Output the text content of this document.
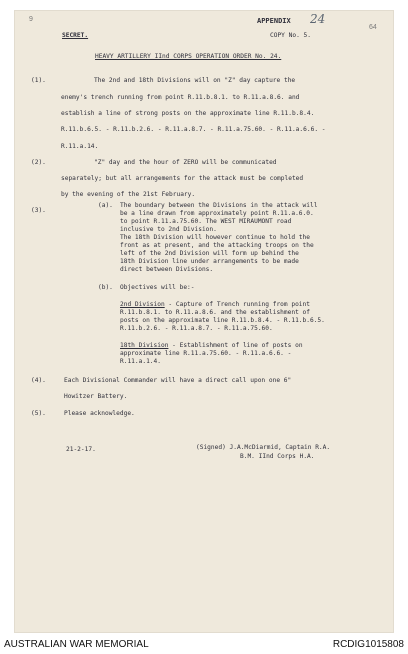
9
64
APPENDIX 24
SECRET.	COPY No. 5.
HEAVY ARTILLERY IInd CORPS OPERATION ORDER No. 24.
(1).	The 2nd and 18th Divisions will on "Z" day capture the
enemy's trench running from point R.11.b.8.1. to R.11.a.8.6. and
establish a line of strong posts on the approximate line R.11.b.8.4.
R.11.b.6.5. - R.11.b.2.6. - R.11.a.8.7. - R.11.a.75.60. - R.11.a.6.6. -
R.11.a.14.
(2).	"Z" day and the hour of ZERO will be communicated
separately; but all arrangements for the attack must be completed
by the evening of the 21st February.
(3).
(a). The boundary between the Divisions in the attack will
be a line drawn from approximately point R.11.a.6.0.
to point R.11.a.75.60. The WEST MIRAUMONT road
inclusive to 2nd Division.
The 18th Division will however continue to hold the
front as at present, and the attacking troops on the
left of the 2nd Division will form up behind the
18th Division line under arrangements to be made
direct between Divisions.
(b). Objectives will be:-
2nd Division - Capture of Trench running from point
R.11.b.8.1. to R.11.a.8.6. and the establishment of
posts on the approximate line R.11.b.8.4. - R.11.b.6.5.
R.11.b.2.6. - R.11.a.8.7. - R.11.a.75.60.
18th Division - Establishment of line of posts on
approximate line R.11.a.75.60. - R.11.a.6.6. -
R.11.a.1.4.
(4).	Each Divisional Commander will have a direct call upon one 6"
Howitzer Battery.
(5).	Please acknowledge.
21-2-17.	(Signed) J.A.McDiarmid, Captain R.A.
B.M. IInd Corps H.A.
AUSTRALIAN WAR MEMORIAL	RCDIG1015808
